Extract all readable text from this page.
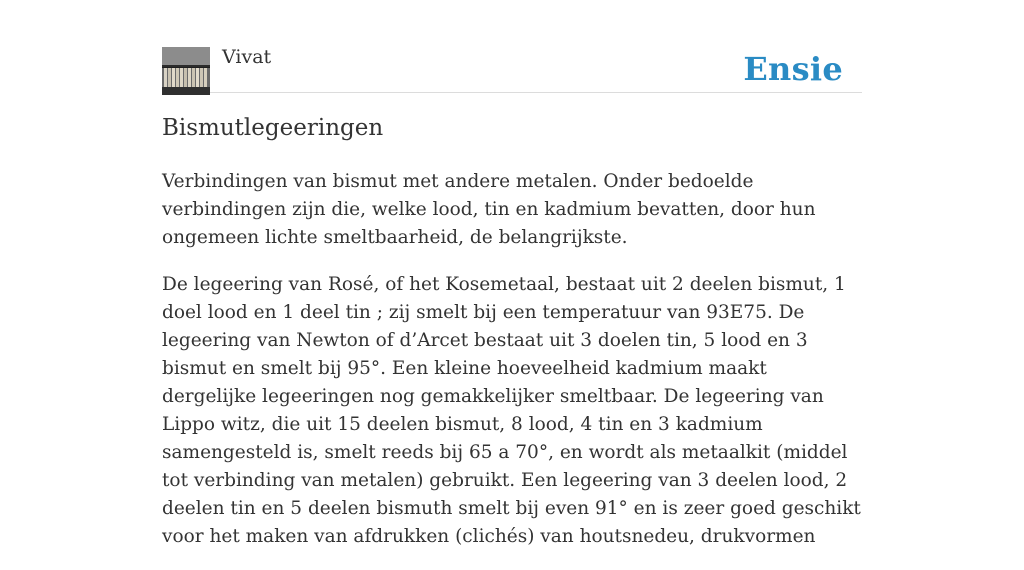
Vivat	Ensie
Bismutlegeeringen

Verbindingen van bismut met andere metalen. Onder bedoelde verbindingen zijn die, welke lood, tin en kadmium bevatten, door hun ongemeen lichte smeltbaarheid, de belangrijkste.

De legeering van Rosé, of het Kosemetaal, bestaat uit 2 deelen bismut, 1 doel lood en 1 deel tin ; zij smelt bij een temperatuur van 93E75. De legeering van Newton of d’Arcet bestaat uit 3 doelen tin, 5 lood en 3 bismut en smelt bij 95°. Een kleine hoeveelheid kadmium maakt dergelijke legeeringen nog gemakkelijker smeltbaar. De legeering van Lippo witz, die uit 15 deelen bismut, 8 lood, 4 tin en 3 kadmium samengesteld is, smelt reeds bij 65 a 70°, en wordt als metaalkit (middel tot verbinding van metalen) gebruikt. Een legeering van 3 deelen lood, 2 deelen tin en 5 deelen bismuth smelt bij even 91° en is zeer goed geschikt voor het maken van afdrukken (clichés) van houtsnedeu, drukvormen
